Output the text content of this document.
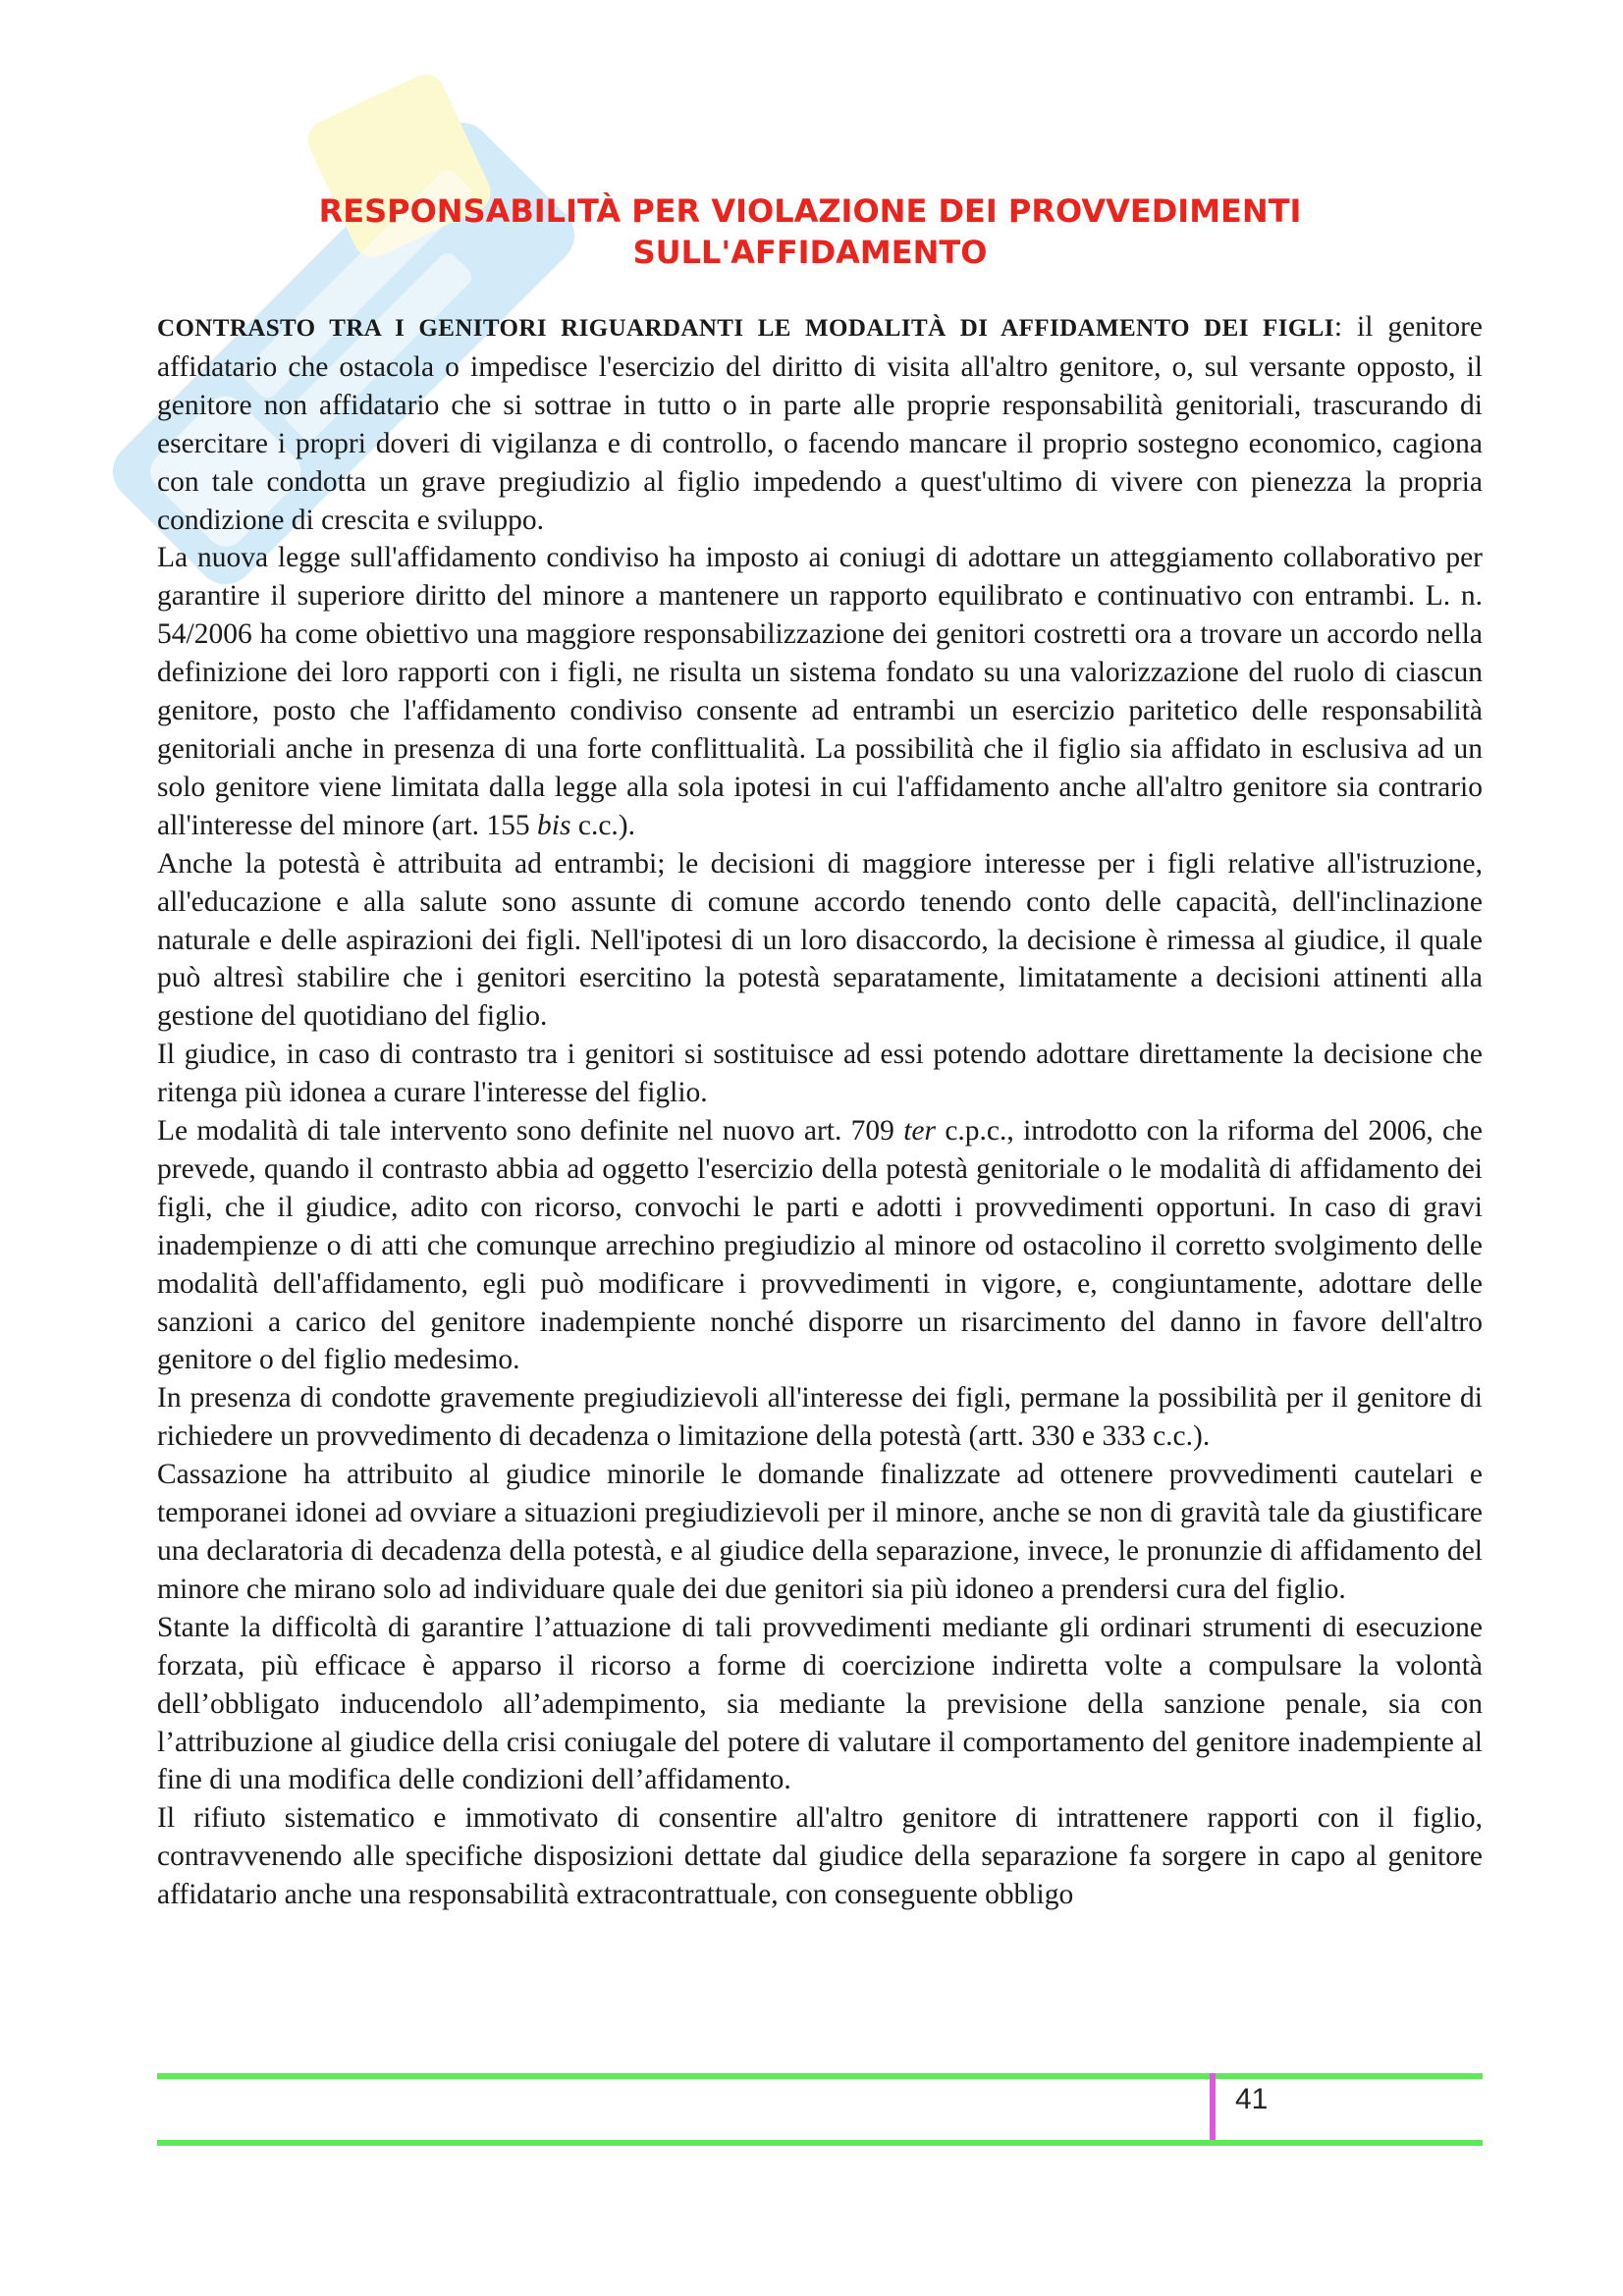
RESPONSABILITÀ PER VIOLAZIONE DEI PROVVEDIMENTI
SULL'AFFIDAMENTO

CONTRASTO TRA I GENITORI RIGUARDANTI LE MODALITÀ DI AFFIDAMENTO DEI FIGLI: il genitore affidatario che ostacola o impedisce l'esercizio del diritto di visita all'altro genitore, o, sul versante opposto, il genitore non affidatario che si sottrae in tutto o in parte alle proprie responsabilità genitoriali, trascurando di esercitare i propri doveri di vigilanza e di controllo, o facendo mancare il proprio sostegno economico, cagiona con tale condotta un grave pregiudizio al figlio impedendo a quest'ultimo di vivere con pienezza la propria condizione di crescita e sviluppo.

La nuova legge sull'affidamento condiviso ha imposto ai coniugi di adottare un atteggiamento collaborativo per garantire il superiore diritto del minore a mantenere un rapporto equilibrato e continuativo con entrambi. L. n. 54/2006 ha come obiettivo una maggiore responsabilizzazione dei genitori costretti ora a trovare un accordo nella definizione dei loro rapporti con i figli, ne risulta un sistema fondato su una valorizzazione del ruolo di ciascun genitore, posto che l'affidamento condiviso consente ad entrambi un esercizio paritetico delle responsabilità genitoriali anche in presenza di una forte conflittualità. La possibilità che il figlio sia affidato in esclusiva ad un solo genitore viene limitata dalla legge alla sola ipotesi in cui l'affidamento anche all'altro genitore sia contrario all'interesse del minore (art. 155 bis c.c.).

Anche la potestà è attribuita ad entrambi; le decisioni di maggiore interesse per i figli relative all'istruzione, all'educazione e alla salute sono assunte di comune accordo tenendo conto delle capacità, dell'inclinazione naturale e delle aspirazioni dei figli. Nell'ipotesi di un loro disaccordo, la decisione è rimessa al giudice, il quale può altresì stabilire che i genitori esercitino la potestà separatamente, limitatamente a decisioni attinenti alla gestione del quotidiano del figlio.

Il giudice, in caso di contrasto tra i genitori si sostituisce ad essi potendo adottare direttamente la decisione che ritenga più idonea a curare l'interesse del figlio.

Le modalità di tale intervento sono definite nel nuovo art. 709 ter c.p.c., introdotto con la riforma del 2006, che prevede, quando il contrasto abbia ad oggetto l'esercizio della potestà genitoriale o le modalità di affidamento dei figli, che il giudice, adito con ricorso, convochi le parti e adotti i provvedimenti opportuni. In caso di gravi inadempienze o di atti che comunque arrechino pregiudizio al minore od ostacolino il corretto svolgimento delle modalità dell'affidamento, egli può modificare i provvedimenti in vigore, e, congiuntamente, adottare delle sanzioni a carico del genitore inadempiente nonché disporre un risarcimento del danno in favore dell'altro genitore o del figlio medesimo.

In presenza di condotte gravemente pregiudizievoli all'interesse dei figli, permane la possibilità per il genitore di richiedere un provvedimento di decadenza o limitazione della potestà (artt. 330 e 333 c.c.).

Cassazione ha attribuito al giudice minorile le domande finalizzate ad ottenere provvedimenti cautelari e temporanei idonei ad ovviare a situazioni pregiudizievoli per il minore, anche se non di gravità tale da giustificare una declaratoria di decadenza della potestà, e al giudice della separazione, invece, le pronunzie di affidamento del minore che mirano solo ad individuare quale dei due genitori sia più idoneo a prendersi cura del figlio.

Stante la difficoltà di garantire l’attuazione di tali provvedimenti mediante gli ordinari strumenti di esecuzione forzata, più efficace è apparso il ricorso a forme di coercizione indiretta volte a compulsare la volontà dell’obbligato inducendolo all’adempimento, sia mediante la previsione della sanzione penale, sia con l’attribuzione al giudice della crisi coniugale del potere di valutare il comportamento del genitore inadempiente al fine di una modifica delle condizioni dell’affidamento.

Il rifiuto sistematico e immotivato di consentire all'altro genitore di intrattenere rapporti con il figlio, contravvenendo alle specifiche disposizioni dettate dal giudice della separazione fa sorgere in capo al genitore affidatario anche una responsabilità extracontrattuale, con conseguente obbligo

41
